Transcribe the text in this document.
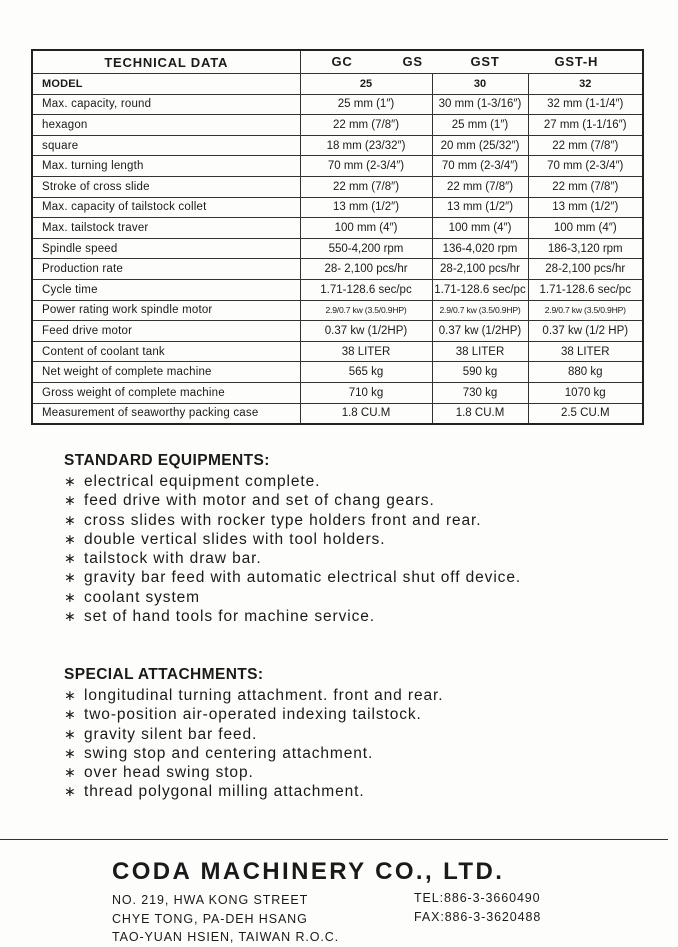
TECHNICAL DATA	GC GS GST GST-H		

MODEL	25	30	32
Max. capacity, round	25 mm (1″)	30 mm (1-3/16″)	32 mm (1-1/4″)
hexagon	22 mm (7/8″)	25 mm (1″)	27 mm (1-1/16″)
square	18 mm (23/32″)	20 mm (25/32″)	22 mm (7/8″)
Max. turning length	70 mm (2-3/4″)	70 mm (2-3/4″)	70 mm (2-3/4″)
Stroke of cross slide	22 mm (7/8″)	22 mm (7/8″)	22 mm (7/8″)
Max. capacity of tailstock collet	13 mm (1/2″)	13 mm (1/2″)	13 mm (1/2″)
Max. tailstock traver	100 mm (4″)	100 mm (4″)	100 mm (4″)
Spindle speed	550-4,200 rpm	136-4,020 rpm	186-3,120 rpm
Production rate	28- 2,100 pcs/hr	28-2,100 pcs/hr	28-2,100 pcs/hr
Cycle time	1.71-128.6 sec/pc	1.71-128.6 sec/pc	1.71-128.6 sec/pc
Power rating work spindle motor	2.9/0.7 kw (3.5/0.9HP)	2.9/0.7 kw (3.5/0.9HP)	2.9/0.7 kw (3.5/0.9HP)
Feed drive motor	0.37 kw (1/2HP)	0.37 kw (1/2HP)	0.37 kw (1/2 HP)
Content of coolant tank	38 LITER	38 LITER	38 LITER
Net weight of complete machine	565 kg	590 kg	880 kg
Gross weight of complete machine	710 kg	730 kg	1070 kg
Measurement of seaworthy packing case	1.8 CU.M	1.8 CU.M	2.5 CU.M
STANDARD EQUIPMENTS:
∗ electrical equipment complete.
∗ feed drive with motor and set of chang gears.
∗ cross slides with rocker type holders front and rear.
∗ double vertical slides with tool holders.
∗ tailstock with draw bar.
∗ gravity bar feed with automatic electrical shut off device.
∗ coolant system
∗ set of hand tools for machine service.
SPECIAL ATTACHMENTS:
∗ longitudinal turning attachment. front and rear.
∗ two-position air-operated indexing tailstock.
∗ gravity silent bar feed.
∗ swing stop and centering attachment.
∗ over head swing stop.
∗ thread polygonal milling attachment.

CODA MACHINERY CO., LTD.

NO. 219, HWA KONG STREET
CHYE TONG, PA-DEH HSANG
TAO-YUAN HSIEN, TAIWAN R.O.C.
TEL:886-3-3660490
FAX:886-3-3620488
